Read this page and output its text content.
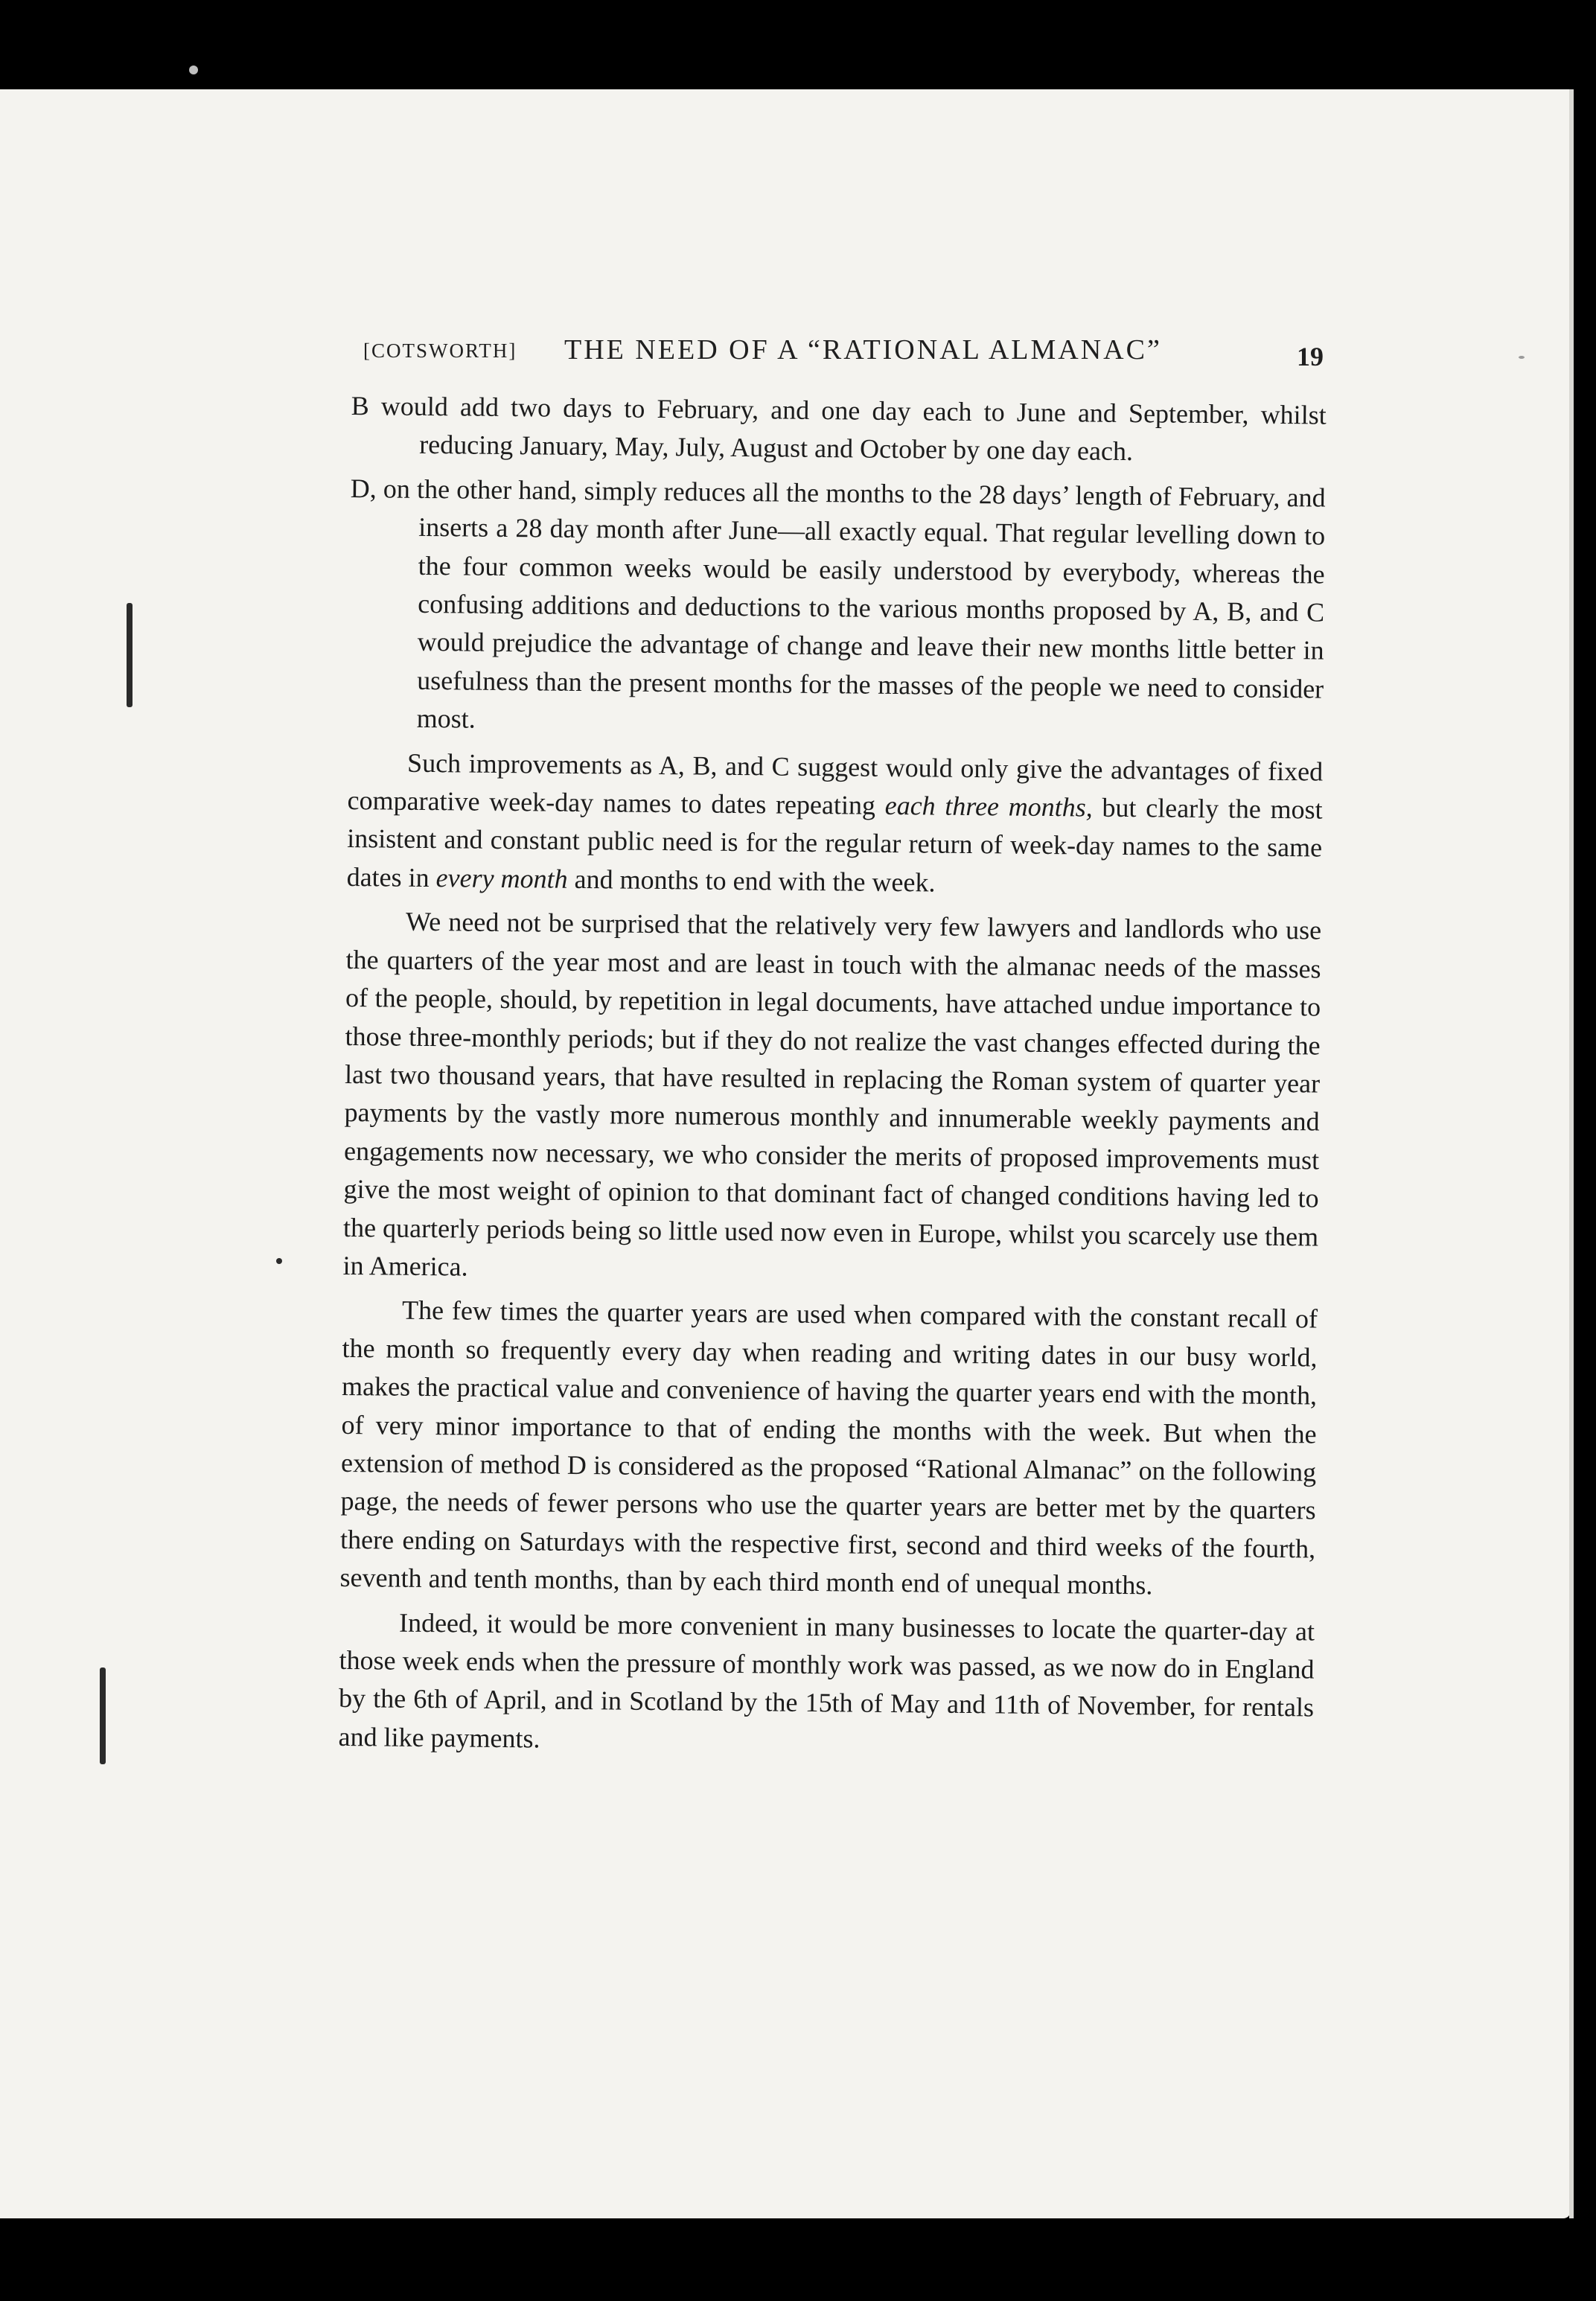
[COTSWORTH] THE NEED OF A “RATIONAL ALMANAC”	19

B would add two days to February, and one day each to June and September, whilst reducing January, May, July, August and October by one day each.

D, on the other hand, simply reduces all the months to the 28 days’ length of February, and inserts a 28 day month after June—all exactly equal. That regular levelling down to the four common weeks would be easily understood by everybody, whereas the confusing additions and deductions to the various months proposed by A, B, and C would prejudice the advantage of change and leave their new months little better in usefulness than the present months for the masses of the people we need to consider most.

Such improvements as A, B, and C suggest would only give the advantages of fixed comparative week-day names to dates repeating each three months, but clearly the most insistent and constant public need is for the regular return of week-day names to the same dates in every month and months to end with the week.

We need not be surprised that the relatively very few lawyers and landlords who use the quarters of the year most and are least in touch with the almanac needs of the masses of the people, should, by repetition in legal documents, have attached undue importance to those three-monthly periods; but if they do not realize the vast changes effected during the last two thousand years, that have resulted in replacing the Roman system of quarter year payments by the vastly more numerous monthly and innumerable weekly payments and engagements now necessary, we who consider the merits of proposed improvements must give the most weight of opinion to that dominant fact of changed conditions having led to the quarterly periods being so little used now even in Europe, whilst you scarcely use them in America.

The few times the quarter years are used when compared with the constant recall of the month so frequently every day when reading and writing dates in our busy world, makes the practical value and convenience of having the quarter years end with the month, of very minor importance to that of ending the months with the week. But when the extension of method D is considered as the proposed “Rational Almanac” on the following page, the needs of fewer persons who use the quarter years are better met by the quarters there ending on Saturdays with the respective first, second and third weeks of the fourth, seventh and tenth months, than by each third month end of unequal months.

Indeed, it would be more convenient in many businesses to locate the quarter-day at those week ends when the pressure of monthly work was passed, as we now do in England by the 6th of April, and in Scotland by the 15th of May and 11th of November, for rentals and like payments.
